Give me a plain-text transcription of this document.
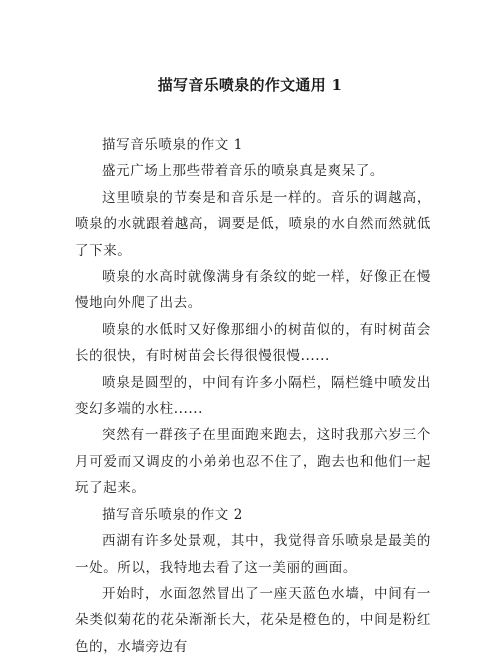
描写音乐喷泉的作文通用 1

描写音乐喷泉的作文 1

盛元广场上那些带着音乐的喷泉真是爽呆了。

这里喷泉的节奏是和音乐是一样的。音乐的调越高，喷泉的水就跟着越高，调要是低，喷泉的水自然而然就低了下来。

喷泉的水高时就像满身有条纹的蛇一样，好像正在慢慢地向外爬了出去。

喷泉的水低时又好像那细小的树苗似的，有时树苗会长的很快，有时树苗会长得很慢很慢......

喷泉是圆型的，中间有许多小隔栏，隔栏缝中喷发出变幻多端的水柱......

突然有一群孩子在里面跑来跑去，这时我那六岁三个月可爱而又调皮的小弟弟也忍不住了，跑去也和他们一起玩了起来。

描写音乐喷泉的作文 2

西湖有许多处景观，其中，我觉得音乐喷泉是最美的一处。所以，我特地去看了这一美丽的画面。

开始时，水面忽然冒出了一座天蓝色水墙，中间有一朵类似菊花的花朵渐渐长大，花朵是橙色的，中间是粉红色的，水墙旁边有
